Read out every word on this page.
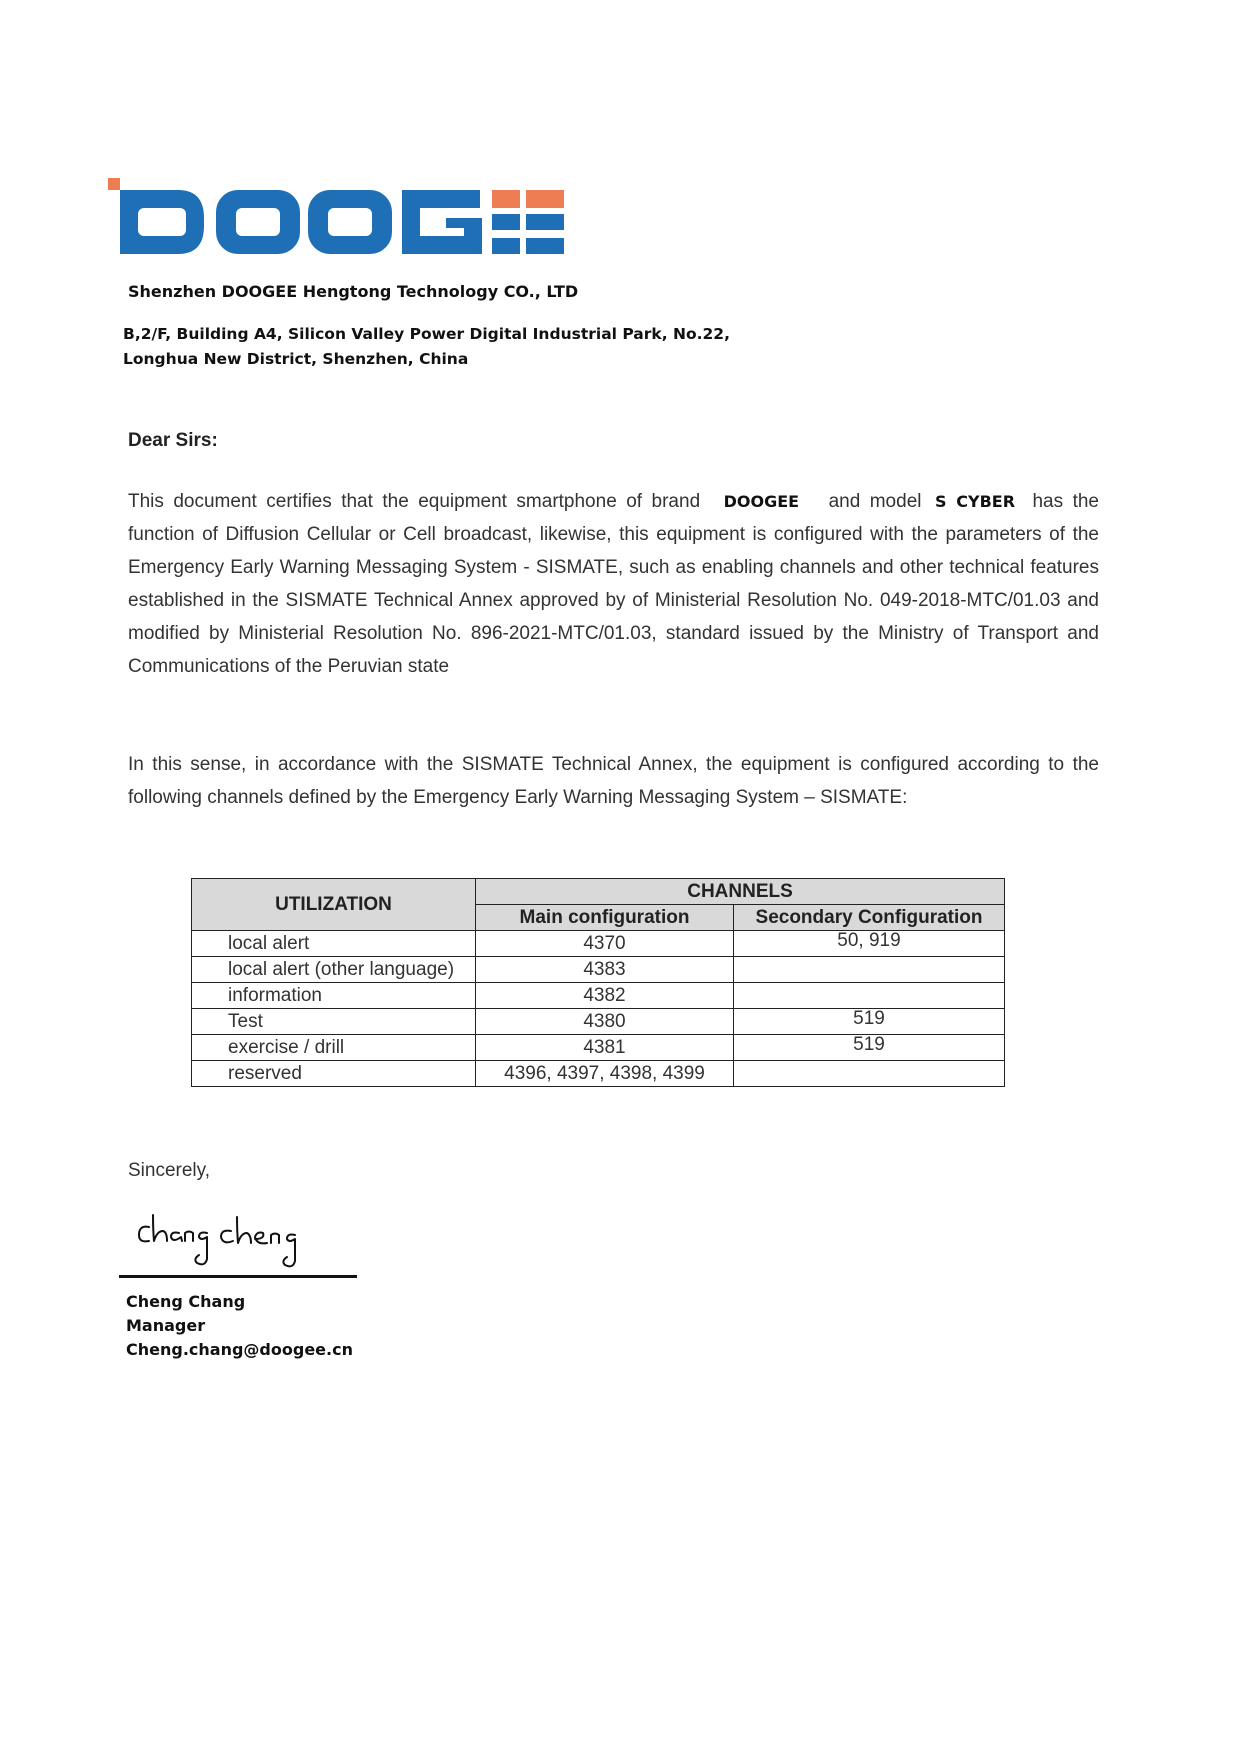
Shenzhen DOOGEE Hengtong Technology CO., LTD
B,2/F, Building A4, Silicon Valley Power Digital Industrial Park, No.22,
Longhua New District, Shenzhen, China
Dear Sirs:
This document certifies that the equipment smartphone of brand DOOGEE and model S CYBER has the function of Diffusion Cellular or Cell broadcast, likewise, this equipment is configured with the parameters of the Emergency Early Warning Messaging System - SISMATE, such as enabling channels and other technical features established in the SISMATE Technical Annex approved by of Ministerial Resolution No. 049-2018-MTC/01.03 and modified by Ministerial Resolution No. 896-2021-MTC/01.03, standard issued by the Ministry of Transport and Communications of the Peruvian state
In this sense, in accordance with the SISMATE Technical Annex, the equipment is configured according to the following channels defined by the Emergency Early Warning Messaging System – SISMATE:
UTILIZATION	CHANNELS	
	Main configuration	Secondary Configuration
local alert	4370	50, 919
local alert (other language)	4383	
information	4382	
Test	4380	519
exercise / drill	4381	519
reserved	4396, 4397, 4398, 4399	
Sincerely,
Cheng Chang
Manager
Cheng.chang@doogee.cn
